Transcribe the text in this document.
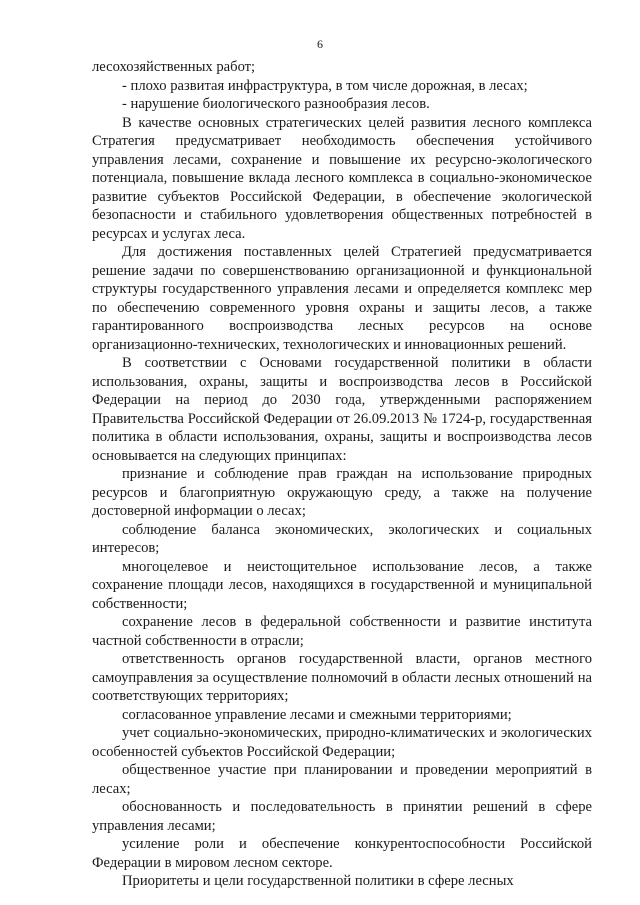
6

лесохозяйственных работ;

- плохо развитая инфраструктура, в том числе дорожная, в лесах;

- нарушение биологического разнообразия лесов.

В качестве основных стратегических целей развития лесного комплекса Стратегия предусматривает необходимость обеспечения устойчивого управления лесами, сохранение и повышение их ресурсно-экологического потенциала, повышение вклада лесного комплекса в социально-экономическое развитие субъектов Российской Федерации, в обеспечение экологической безопасности и стабильного удовлетворения общественных потребностей в ресурсах и услугах леса.

Для достижения поставленных целей Стратегией предусматривается решение задачи по совершенствованию организационной и функциональной структуры государственного управления лесами и определяется комплекс мер по обеспечению современного уровня охраны и защиты лесов, а также гарантированного воспроизводства лесных ресурсов на основе организационно-технических, технологических и инновационных решений.

В соответствии с Основами государственной политики в области использования, охраны, защиты и воспроизводства лесов в Российской Федерации на период до 2030 года, утвержденными распоряжением Правительства Российской Федерации от 26.09.2013 № 1724-р, государственная политика в области использования, охраны, защиты и воспроизводства лесов основывается на следующих принципах:

признание и соблюдение прав граждан на использование природных ресурсов и благоприятную окружающую среду, а также на получение достоверной информации о лесах;

соблюдение баланса экономических, экологических и социальных интересов;

многоцелевое и неистощительное использование лесов, а также сохранение площади лесов, находящихся в государственной и муниципальной собственности;

сохранение лесов в федеральной собственности и развитие института частной собственности в отрасли;

ответственность органов государственной власти, органов местного самоуправления за осуществление полномочий в области лесных отношений на соответствующих территориях;

согласованное управление лесами и смежными территориями;

учет социально-экономических, природно-климатических и экологических особенностей субъектов Российской Федерации;

общественное участие при планировании и проведении мероприятий в лесах;

обоснованность и последовательность в принятии решений в сфере управления лесами;

усиление роли и обеспечение конкурентоспособности Российской Федерации в мировом лесном секторе.

Приоритеты и цели государственной политики в сфере лесных
